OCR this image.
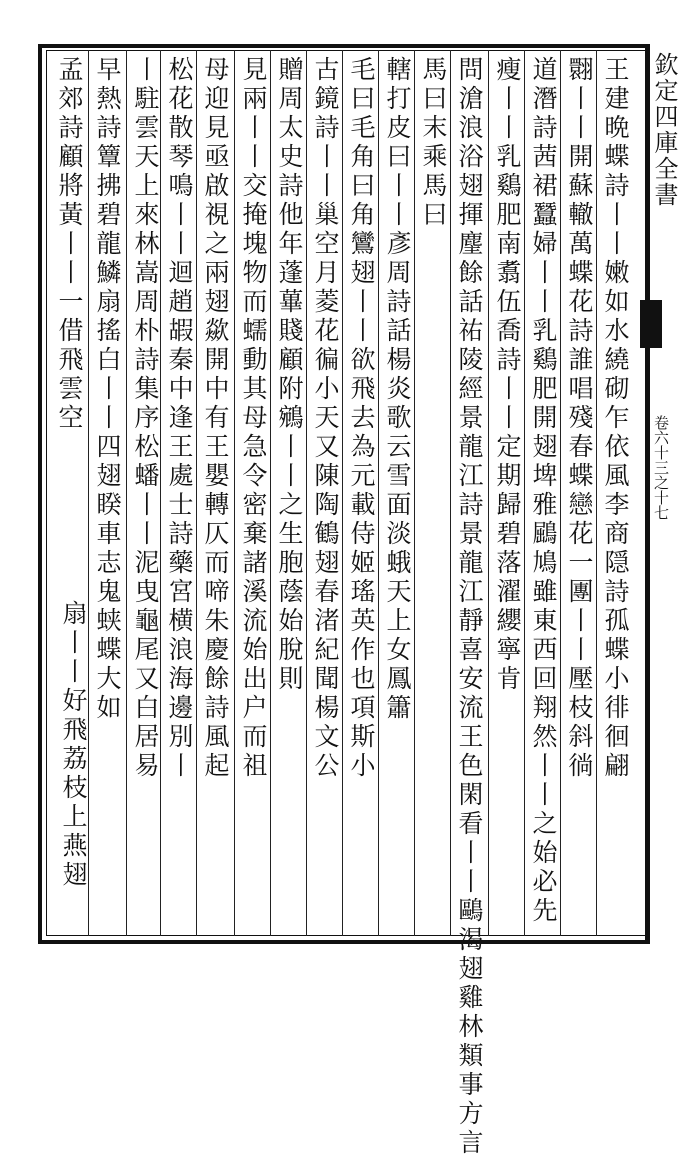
欽定四庫全書
卷六十三之十七
王建晩蝶詩丨丨嫩如水繞砌乍依風李商隠詩孤蝶小徘徊翩
翾丨丨開蘇轍萬蝶花詩誰唱殘春蝶戀花一團丨丨壓枝斜徜
道潛詩茜裙蠶婦丨丨乳鷄肥開翅埤雅鶌鳩雖東西回翔然丨丨之始必先
瘦丨丨乳鷄肥南翥伍喬詩丨丨定期歸碧落濯纓寧肯
問滄浪浴翅揮麈餘話祐陵經景龍江詩景龍江靜喜安流王色閑看丨丨鷗渴翅雞林類事方言
馬曰末乘馬曰
轄打皮曰丨丨彥周詩話楊炎歌云雪面淡蛾天上女鳳簫
毛曰毛角曰角鸞翅丨丨欲飛去為元載侍姬瑤英作也項斯小
古鏡詩丨丨巢空月菱花徧小天又陳陶鶴翅春渚紀聞楊文公
贈周太史詩他年蓬蓽賤顧附鵷丨丨之生胞蔭始脫則
見兩丨丨交掩塊物而蠕動其母急令密棄諸溪流始出户而祖
母迎見亟啟視之兩翅歘開中有王嬰轉仄而啼朱慶餘詩風起
松花散琴鳴丨丨迴趙嘏秦中逢王處士詩藥宮横浪海邊別丨
丨駐雲天上來林嵩周朴詩集序松蟠丨丨泥曳龜尾又白居易
早熱詩簟拂碧龍鱗扇搖白丨丨四翅睽車志鬼蛱蝶大如
扇丨丨好飛荔枝上燕翅
孟郊詩顧將黃丨丨一借飛雲空
